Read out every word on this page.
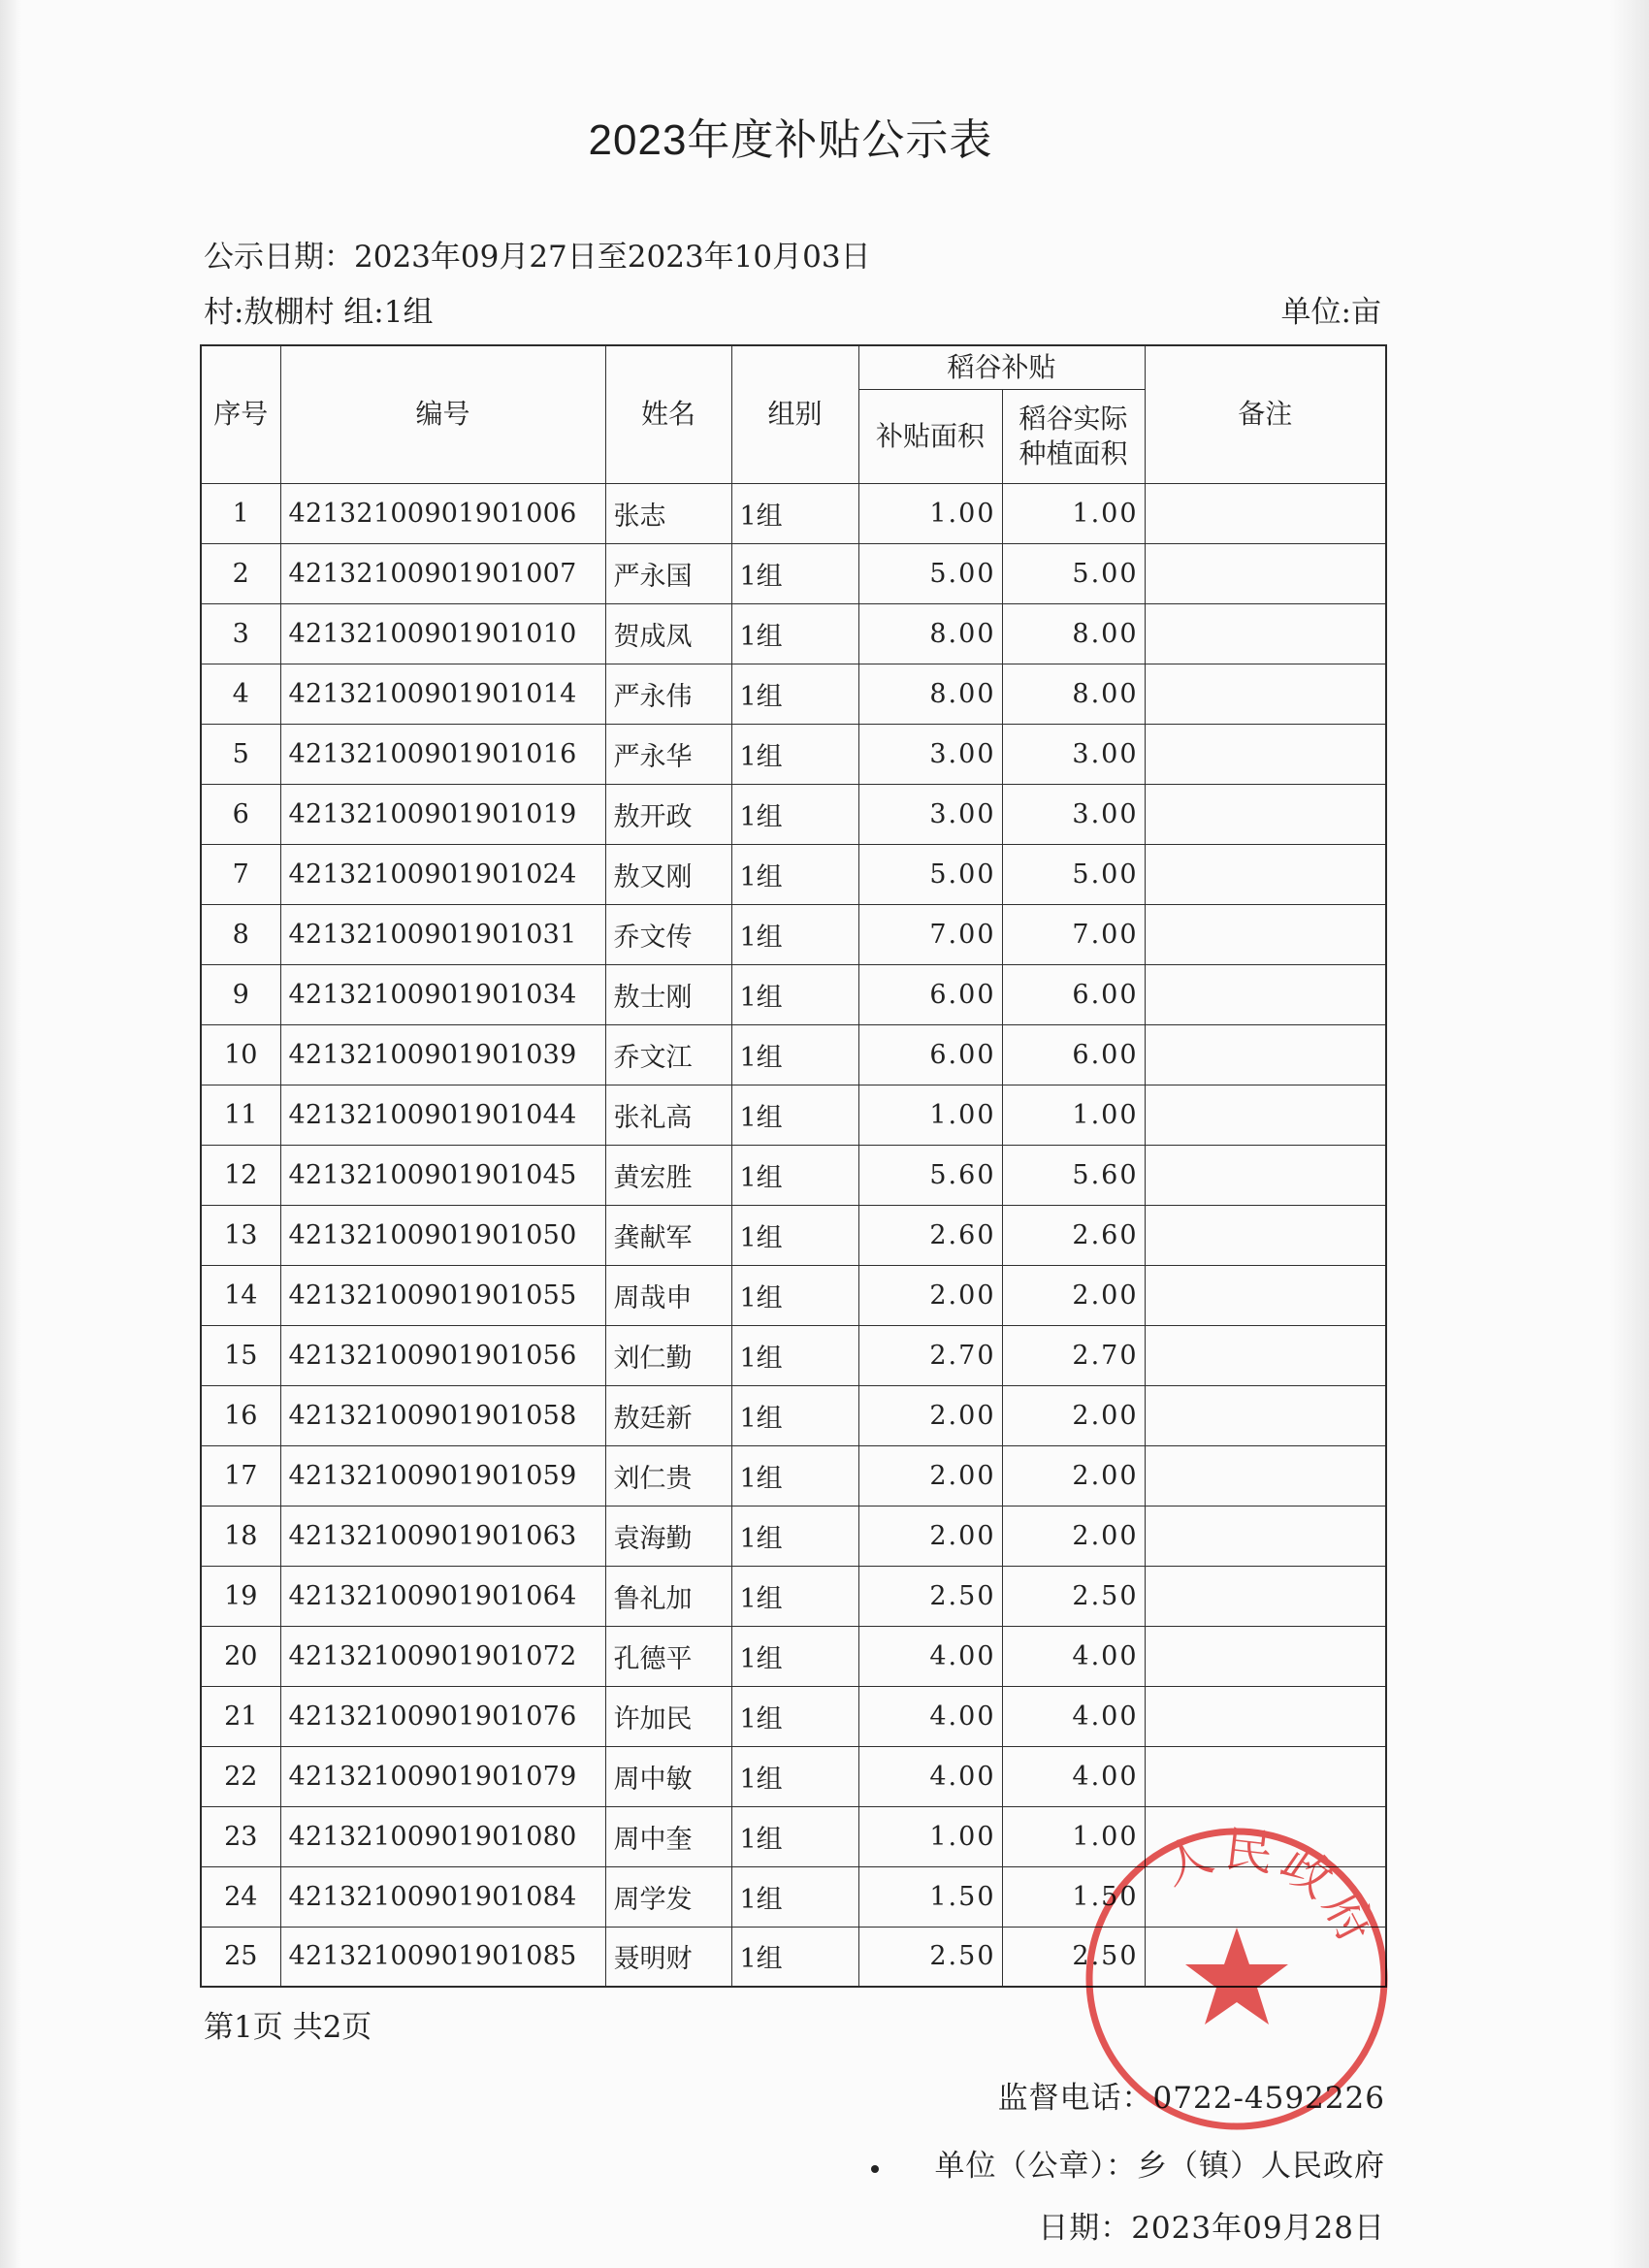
2023年度补贴公示表
公示日期：2023年09月27日至2023年10月03日
村:敖棚村 组:1组	单位:亩
序号	编号	姓名	组别	稻谷补贴		备注
				补贴面积	稻谷实际
种植面积	

1	42132100901901006	张志	1组	1.00	1.00	
2	42132100901901007	严永国	1组	5.00	5.00	
3	42132100901901010	贺成凤	1组	8.00	8.00	
4	42132100901901014	严永伟	1组	8.00	8.00	
5	42132100901901016	严永华	1组	3.00	3.00	
6	42132100901901019	敖开政	1组	3.00	3.00	
7	42132100901901024	敖又刚	1组	5.00	5.00	
8	42132100901901031	乔文传	1组	7.00	7.00	
9	42132100901901034	敖士刚	1组	6.00	6.00	
10	42132100901901039	乔文江	1组	6.00	6.00	
11	42132100901901044	张礼高	1组	1.00	1.00	
12	42132100901901045	黄宏胜	1组	5.60	5.60	
13	42132100901901050	龚献军	1组	2.60	2.60	
14	42132100901901055	周哉申	1组	2.00	2.00	
15	42132100901901056	刘仁勤	1组	2.70	2.70	
16	42132100901901058	敖廷新	1组	2.00	2.00	
17	42132100901901059	刘仁贵	1组	2.00	2.00	
18	42132100901901063	袁海勤	1组	2.00	2.00	
19	42132100901901064	鲁礼加	1组	2.50	2.50	
20	42132100901901072	孔德平	1组	4.00	4.00	
21	42132100901901076	许加民	1组	4.00	4.00	
22	42132100901901079	周中敏	1组	4.00	4.00	
23	42132100901901080	周中奎	1组	1.00	1.00	
24	42132100901901084	周学发	1组	1.50	1.50	
25	42132100901901085	聂明财	1组	2.50	2.50	
第1页 共2页
监督电话：0722-4592226
单位（公章）：乡（镇）人民政府
日期：2023年09月28日
人民政府
